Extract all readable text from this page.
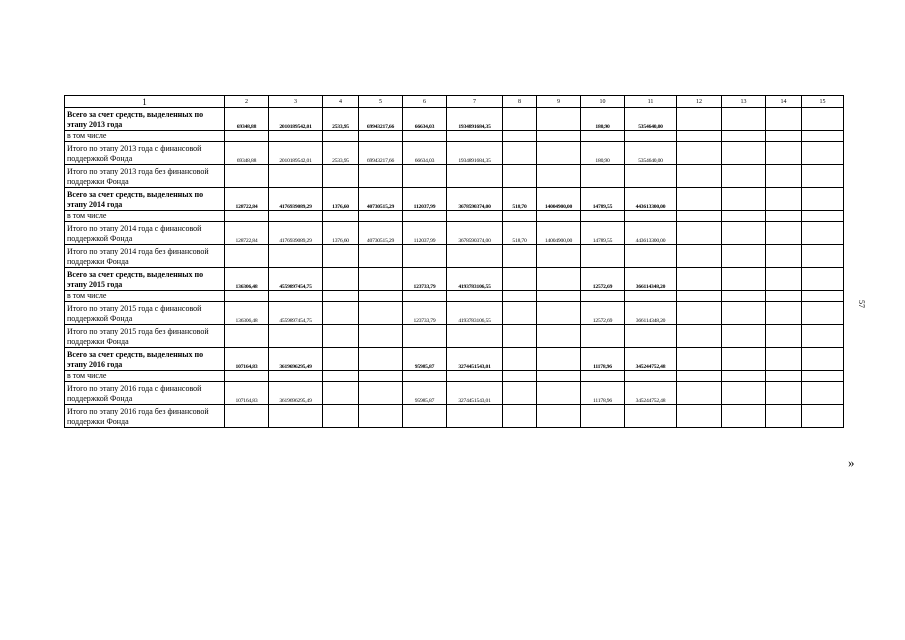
1	2	3	4	5	6	7	8	9	10	11	12	13	14	15
Всего за счет средств, выделенных по этапу 2013 года	69348,88	2010189542,01	2533,95	69943217,66	66634,03	1934891684,35			180,90	5354640,00				
в том числе														
Итого по этапу 2013 года с финансовой поддержкой Фонда	69348,88	2010189542,01	2533,95	69943217,66	66634,03	1934891684,35			180,90	5354640,00				
Итого по этапу 2013 года без финансовой поддержки Фонда														
Всего за счет средств, выделенных по этапу 2014 года	128722,84	4176939089,29	1376,60	40730515,29	112037,99	3678590374,00	518,70	14004900,00	14789,55	443613300,00				
в том числе														
Итого по этапу 2014 года с финансовой поддержкой Фонда	128722,84	4176939089,29	1376,60	40730515,29	112037,99	3678590374,00	518,70	14004900,00	14789,55	443613300,00				
Итого по этапу 2014 года без финансовой поддержки Фонда														
Всего за счет средств, выделенных по этапу 2015 года	136306,48	4559897454,75			123733,79	4193783106,55			12572,69	366114348,20				
в том числе														
Итого по этапу 2015 года с финансовой поддержкой Фонда	136306,48	4559897454,75			123733,79	4193783106,55			12572,69	366114348,20				
Итого по этапу 2015 года без финансовой поддержки Фонда														
Всего за счет средств, выделенных по этапу 2016 года	107164,83	3619696295,49			95985,87	3274451543,01			11178,96	345244752,48				
в том числе														
Итого по этапу 2016 года с финансовой поддержкой Фонда	107164,83	3619696295,49			95985,87	3274451543,01			11178,96	345244752,48				
Итого по этапу 2016 года без финансовой поддержки Фонда														
57
»
